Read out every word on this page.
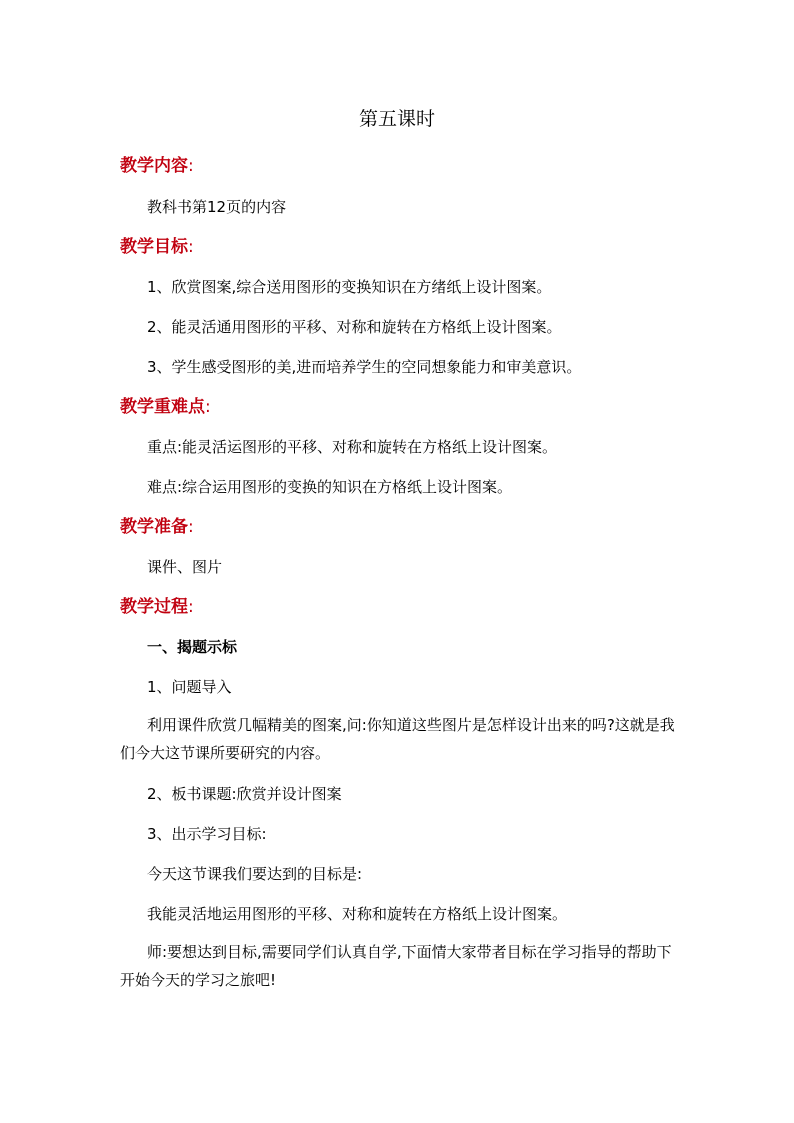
第五课时
教学内容:
教科书第12页的内容
教学目标:
1、欣赏图案,综合送用图形的变换知识在方绪纸上设计图案。
2、能灵活通用图形的平移、对称和旋转在方格纸上设计图案。
3、学生感受图形的美,进而培养学生的空同想象能力和审美意识。
教学重难点:
重点:能灵活运图形的平移、对称和旋转在方格纸上设计图案。
难点:综合运用图形的变换的知识在方格纸上设计图案。
教学准备:
课件、图片
教学过程:
一、揭题示标
1、问题导入
利用课件欣赏几幅精美的图案,问:你知道这些图片是怎样设计出来的吗?这就是我们今大这节课所要研究的内容。
2、板书课题:欣赏并设计图案
3、出示学习目标:
今天这节课我们要达到的目标是:
我能灵活地运用图形的平移、对称和旋转在方格纸上设计图案。
师:要想达到目标,需要同学们认真自学,下面情大家带者目标在学习指导的帮助下开始今天的学习之旅吧!
